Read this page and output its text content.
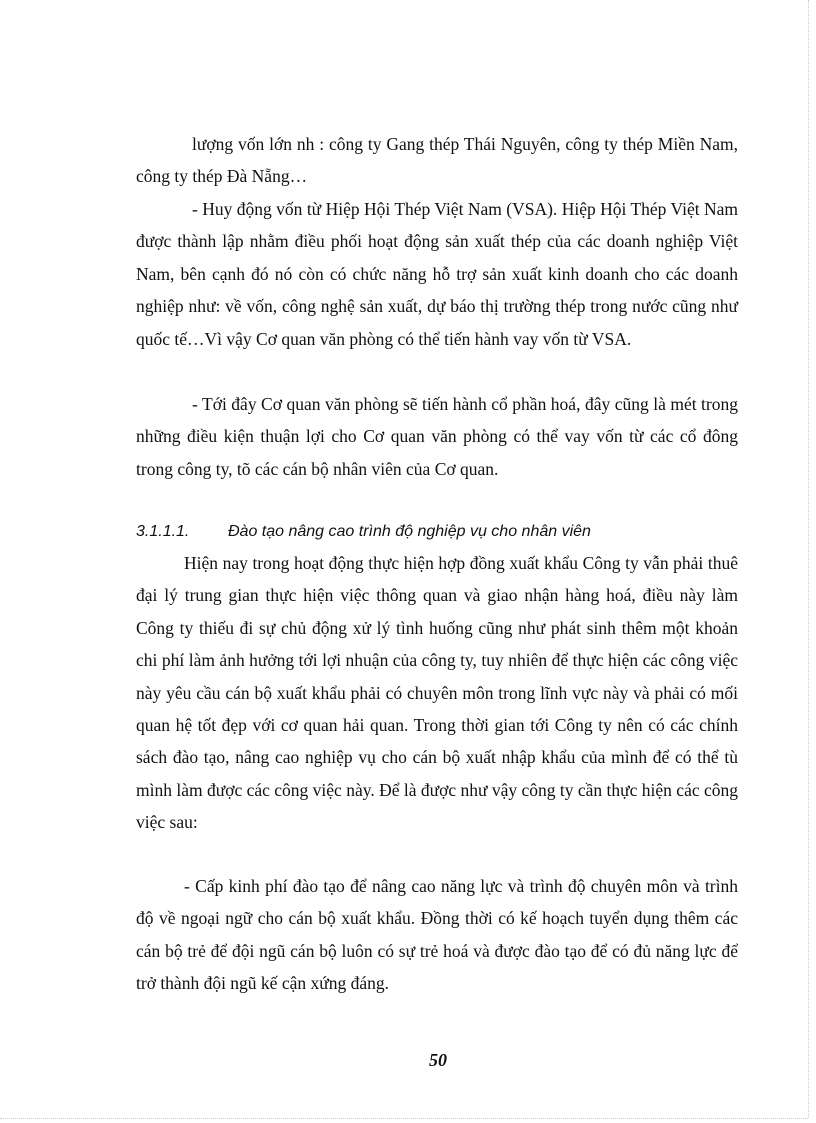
lượng vốn lớn nh : công ty Gang thép Thái Nguyên, công ty thép Miền Nam, công ty thép Đà Nẵng…

- Huy động vốn từ Hiệp Hội Thép Việt Nam (VSA). Hiệp Hội Thép Việt Nam được thành lập nhằm điều phối hoạt động sản xuất thép của các doanh nghiệp Việt Nam, bên cạnh đó nó còn có chức năng hỗ trợ sản xuất kinh doanh cho các doanh nghiệp như: về vốn, công nghệ sản xuất, dự báo thị trường thép trong nước cũng như quốc tế…Vì vậy Cơ quan văn phòng có thể tiến hành vay vốn từ VSA.

- Tới đây Cơ quan văn phòng sẽ tiến hành cổ phần hoá, đây cũng là mét trong những điều kiện thuận lợi cho Cơ quan văn phòng có thể vay vốn từ các cổ đông trong công ty, tõ các cán bộ nhân viên của Cơ quan.

3.1.1.1. Đào tạo nâng cao trình độ nghiệp vụ cho nhân viên

Hiện nay trong hoạt động thực hiện hợp đồng xuất khẩu Công ty vẫn phải thuê đại lý trung gian thực hiện việc thông quan và giao nhận hàng hoá, điều này làm Công ty thiếu đi sự chủ động xử lý tình huống cũng như phát sinh thêm một khoản chi phí làm ảnh hưởng tới lợi nhuận của công ty, tuy nhiên để thực hiện các công việc này yêu cầu cán bộ xuất khẩu phải có chuyên môn trong lĩnh vực này và phải có mối quan hệ tốt đẹp với cơ quan hải quan. Trong thời gian tới Công ty nên có các chính sách đào tạo, nâng cao nghiệp vụ cho cán bộ xuất nhập khẩu của mình để có thể tù mình làm được các công việc này. Để là được như vậy công ty cần thực hiện các công việc sau:

- Cấp kinh phí đào tạo để nâng cao năng lực và trình độ chuyên môn và trình độ về ngoại ngữ cho cán bộ xuất khẩu. Đồng thời có kế hoạch tuyển dụng thêm các cán bộ trẻ để đội ngũ cán bộ luôn có sự trẻ hoá và được đào tạo để có đủ năng lực để trở thành đội ngũ kế cận xứng đáng.

50
